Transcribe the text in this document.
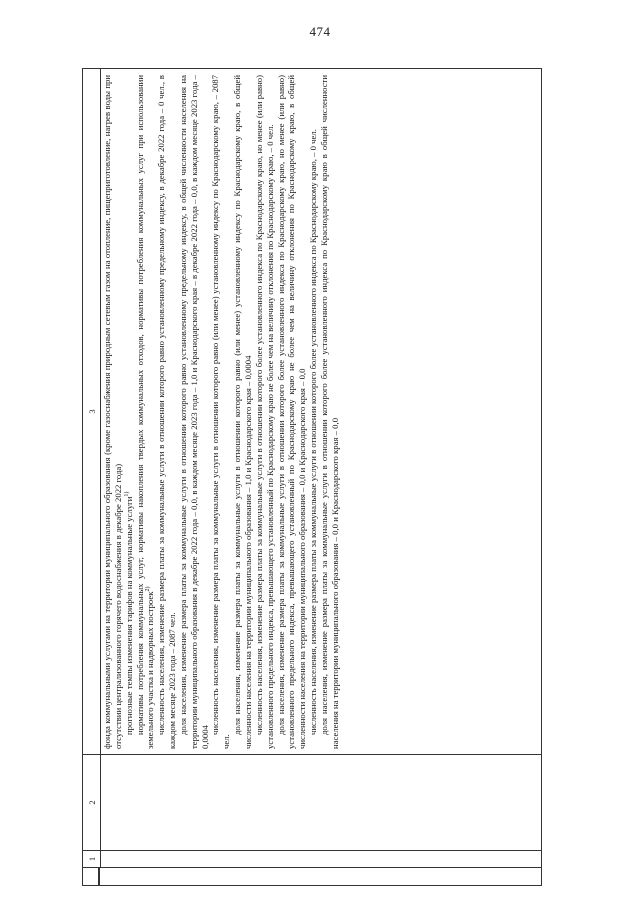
474
1
2
3 фонда коммунальными услугами на территории муниципального образования (кроме газоснабжения природным сетевым газом на отопление, пищеприготовление, нагрев воды при отсутствии централизованного горячего водоснабжения в декабре 2022 года) прогнозные темпы изменения тарифов на коммунальные услуги$^{1)}$ нормативы потребления коммунальных услуг, нормативы накопления твердых коммунальных отходов, нормативы потребления коммунальных услуг при использовании земельного участка и надворных построек$^{2)}$ численность населения, изменение размера платы за коммунальные услуги в отношении которого равно установленному предельному индексу, в декабре 2022 года – 0 чел., в каждом месяце 2023 года – 2087 чел. доля населения, изменение размера платы за коммунальные услуги в отношении которого равно установленному предельному индексу, в общей численности населения на территории муниципального образования в декабре 2022 года – 0,0, в каждом месяце 2023 года – 1,0 и Краснодарского края – в декабре 2022 года – 0,0, в каждом месяце 2023 года – 0,0004

численность населения, изменение размера платы за коммунальные услуги в отношении которого равно (или менее) установленному индексу по Краснодарскому краю, – 2087 чел.

доля населения, изменение размера платы за коммунальные услуги в отношении которого равно (или менее) установленному индексу по Краснодарскому краю, в общей численности населения на территории муниципального образования – 1,0 и Краснодарского края – 0,0004 численность населения, изменение размера платы за коммунальные услуги в отношении которого более установленного индекса по Краснодарскому краю, но менее (или равно) установленного предельного индекса, превышающего установленный по Краснодарскому краю не более чем на величину отклонения по Краснодарскому краю, – 0 чел. доля населения, изменение размера платы за коммунальные услуги в отношении которого более установленного индекса по Краснодарскому краю, но менее (или равно) установленного предельного индекса, превышающего установленный по Краснодарскому краю не более чем на величину отклонения по Краснодарскому краю, в общей численности населения на территории муниципального образования – 0,0 и Краснодарского края – 0,0 численность населения, изменение размера платы за коммунальные услуги в отношении которого более установленного индекса по Краснодарскому краю, – 0 чел. доля населения, изменение размера платы за коммунальные услуги в отношении которого более установленного индекса по Краснодарскому краю в общей численности населения на территории муниципального образования – 0,0 и Краснодарского края – 0,0
